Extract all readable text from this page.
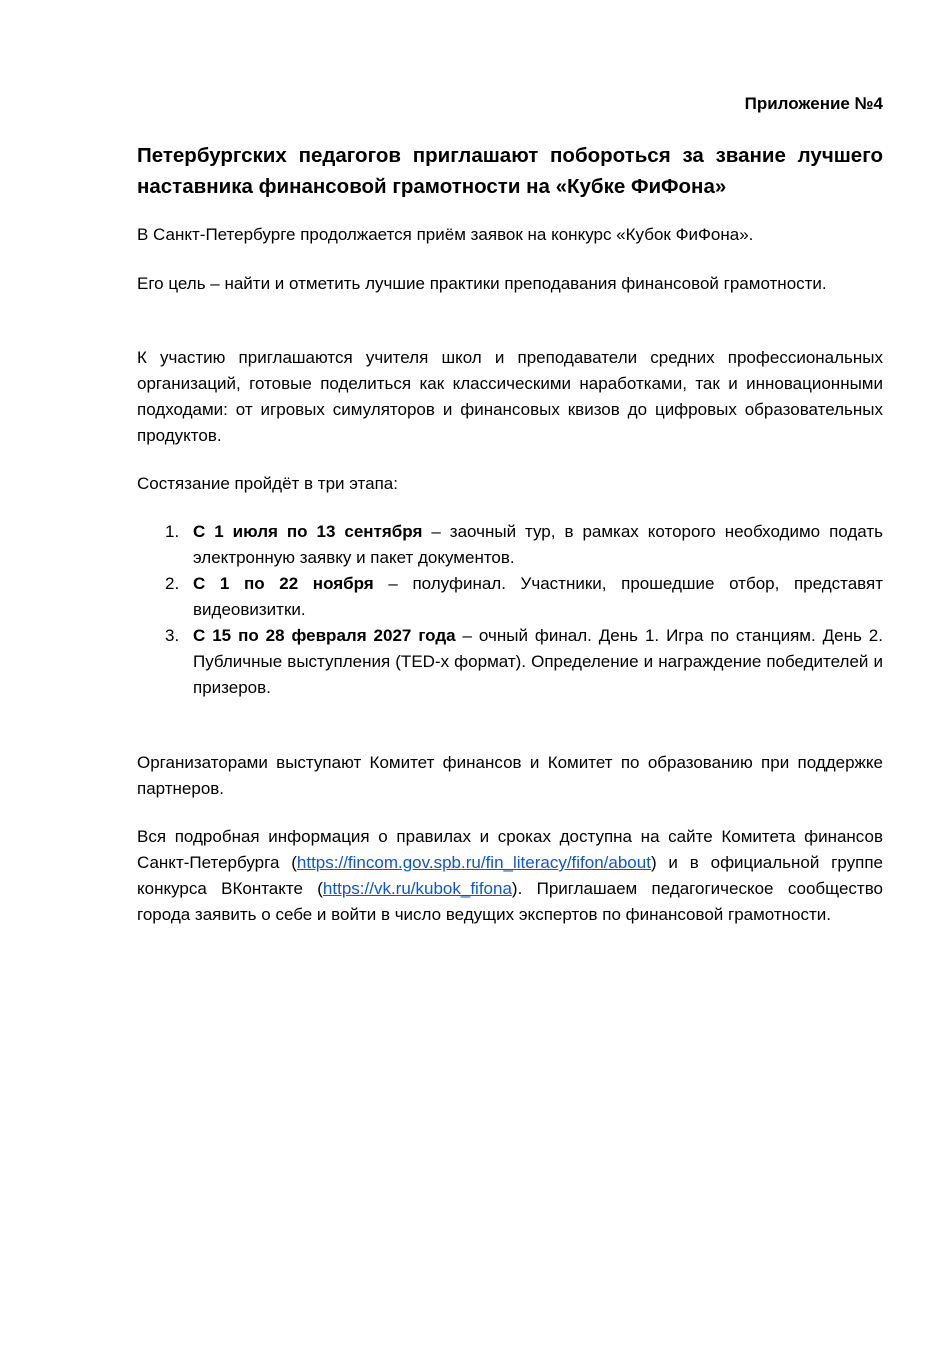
Приложение №4
Петербургских педагогов приглашают побороться за звание лучшего наставника финансовой грамотности на «Кубке ФиФона»

В Санкт-Петербурге продолжается приём заявок на конкурс «Кубок ФиФона».

Его цель – найти и отметить лучшие практики преподавания финансовой грамотности.

К участию приглашаются учителя школ и преподаватели средних профессиональных организаций, готовые поделиться как классическими наработками, так и инновационными подходами: от игровых симуляторов и финансовых квизов до цифровых образовательных продуктов.

Состязание пройдёт в три этапа:

1. С 1 июля по 13 сентября – заочный тур, в рамках которого необходимо подать электронную заявку и пакет документов.
2. С 1 по 22 ноября – полуфинал. Участники, прошедшие отбор, представят видеовизитки.
3. С 15 по 28 февраля 2027 года – очный финал. День 1. Игра по станциям. День 2. Публичные выступления (TED-x формат). Определение и награждение победителей и призеров.

Организаторами выступают Комитет финансов и Комитет по образованию при поддержке партнеров.

Вся подробная информация о правилах и сроках доступна на сайте Комитета финансов Санкт-Петербурга (https://fincom.gov.spb.ru/fin_literacy/fifon/about) и в официальной группе конкурса ВКонтакте (https://vk.ru/kubok_fifona). Приглашаем педагогическое сообщество города заявить о себе и войти в число ведущих экспертов по финансовой грамотности.
